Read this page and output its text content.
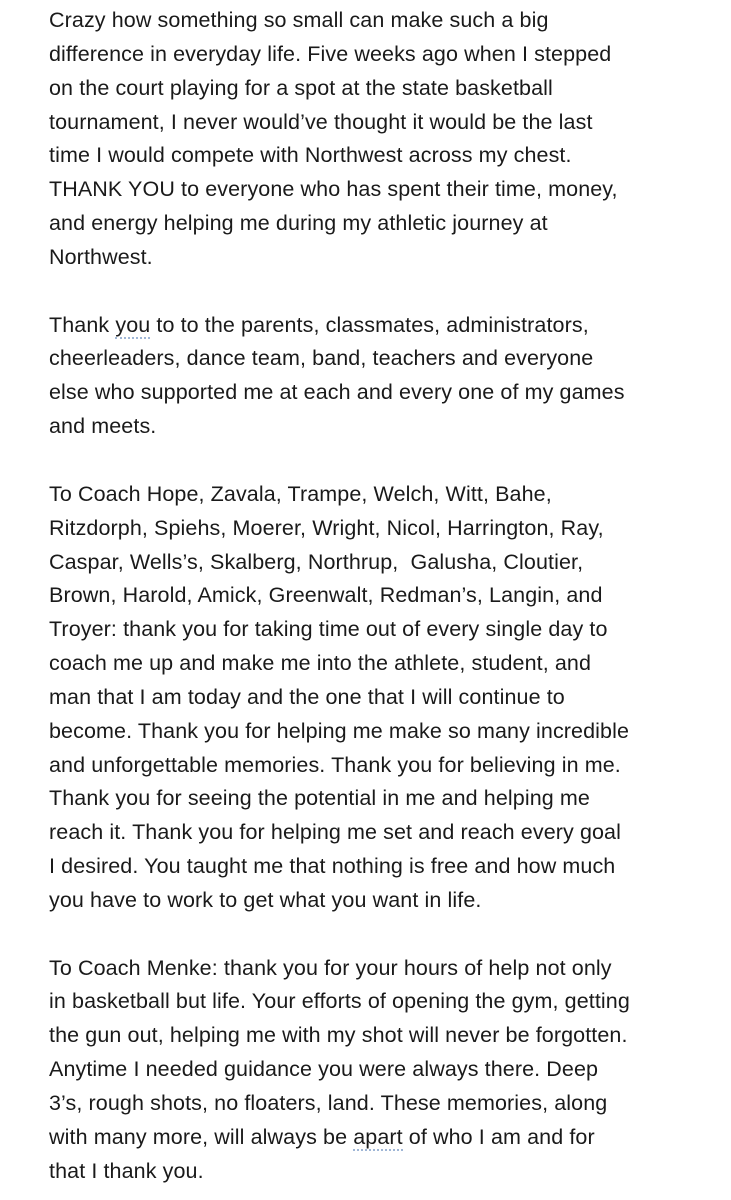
Crazy how something so small can make such a big
difference in everyday life. Five weeks ago when I stepped
on the court playing for a spot at the state basketball
tournament, I never would’ve thought it would be the last
time I would compete with Northwest across my chest.
THANK YOU to everyone who has spent their time, money,
and energy helping me during my athletic journey at
Northwest.
Thank you to to the parents, classmates, administrators,
cheerleaders, dance team, band, teachers and everyone
else who supported me at each and every one of my games
and meets.
To Coach Hope, Zavala, Trampe, Welch, Witt, Bahe,
Ritzdorph, Spiehs, Moerer, Wright, Nicol, Harrington, Ray,
Caspar, Wells’s, Skalberg, Northrup,  Galusha, Cloutier,
Brown, Harold, Amick, Greenwalt, Redman’s, Langin, and
Troyer: thank you for taking time out of every single day to
coach me up and make me into the athlete, student, and
man that I am today and the one that I will continue to
become. Thank you for helping me make so many incredible
and unforgettable memories. Thank you for believing in me.
Thank you for seeing the potential in me and helping me
reach it. Thank you for helping me set and reach every goal
I desired. You taught me that nothing is free and how much
you have to work to get what you want in life.
To Coach Menke: thank you for your hours of help not only
in basketball but life. Your efforts of opening the gym, getting
the gun out, helping me with my shot will never be forgotten.
Anytime I needed guidance you were always there. Deep
3’s, rough shots, no floaters, land. These memories, along
with many more, will always be apart of who I am and for
that I thank you.
